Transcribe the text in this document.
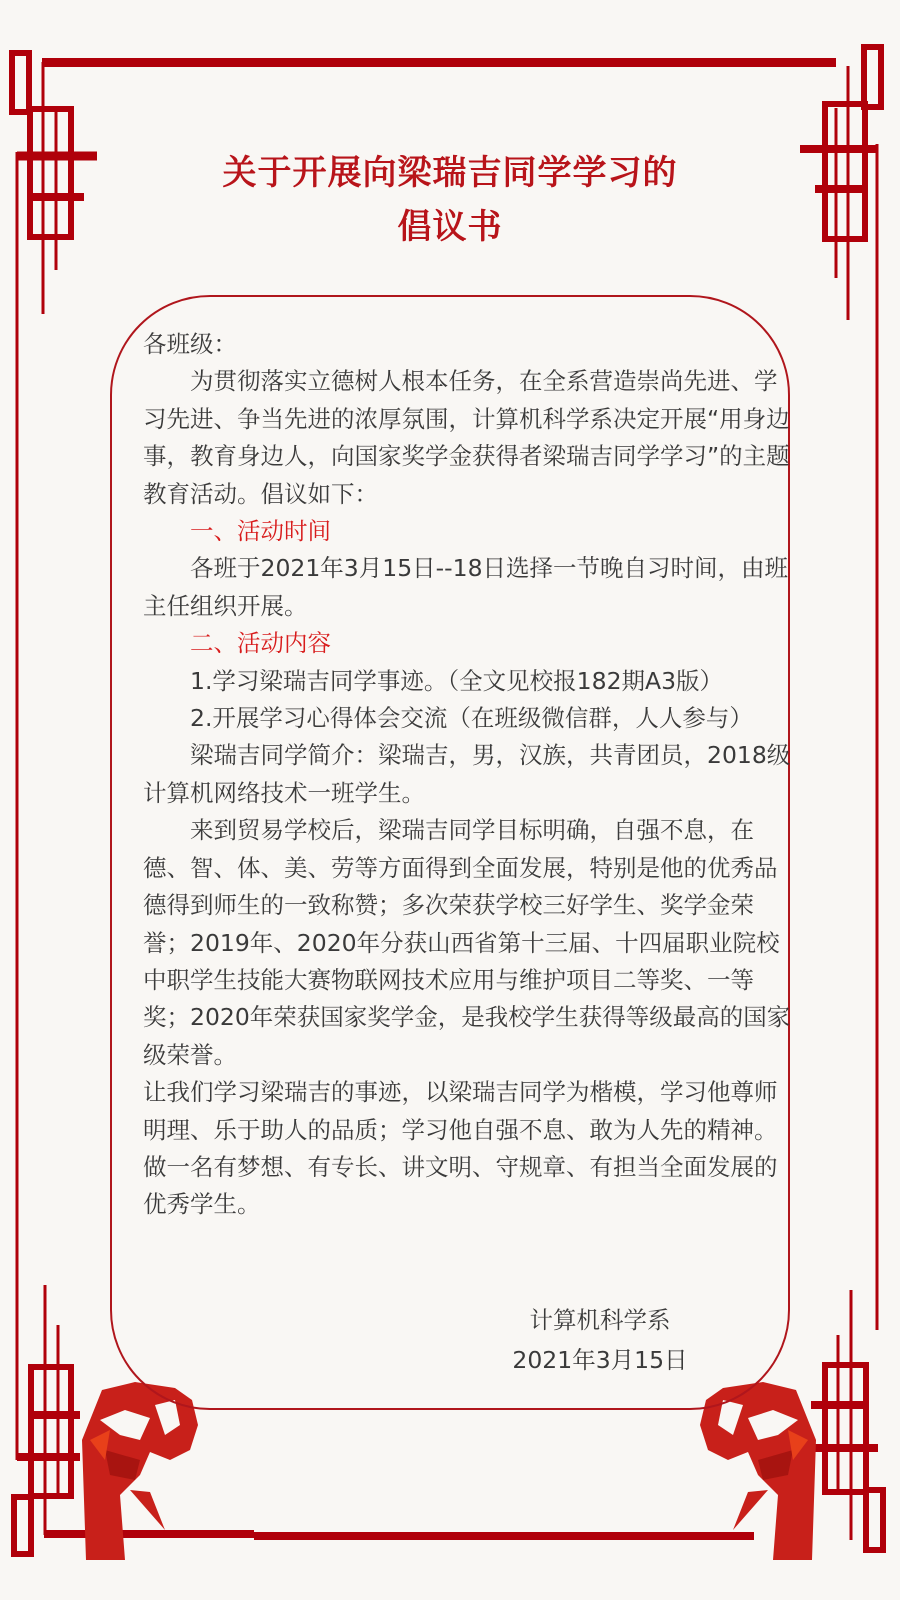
关于开展向梁瑞吉同学学习的
倡议书

各班级：

为贯彻落实立德树人根本任务，在全系营造崇尚先进、学习先进、争当先进的浓厚氛围，计算机科学系决定开展“用身边事，教育身边人，向国家奖学金获得者梁瑞吉同学学习”的主题教育活动。倡议如下：

一、活动时间

各班于2021年3月15日--18日选择一节晚自习时间，由班主任组织开展。

二、活动内容

1.学习梁瑞吉同学事迹。（全文见校报182期A3版）

2.开展学习心得体会交流（在班级微信群，人人参与）

梁瑞吉同学简介：梁瑞吉，男，汉族，共青团员，2018级计算机网络技术一班学生。

来到贸易学校后，梁瑞吉同学目标明确，自强不息，在德、智、体、美、劳等方面得到全面发展，特别是他的优秀品德得到师生的一致称赞；多次荣获学校三好学生、奖学金荣誉；2019年、2020年分获山西省第十三届、十四届职业院校中职学生技能大赛物联网技术应用与维护项目二等奖、一等奖；2020年荣获国家奖学金，是我校学生获得等级最高的国家级荣誉。

让我们学习梁瑞吉的事迹，以梁瑞吉同学为楷模，学习他尊师明理、乐于助人的品质；学习他自强不息、敢为人先的精神。做一名有梦想、有专长、讲文明、守规章、有担当全面发展的优秀学生。

计算机科学系
2021年3月15日
